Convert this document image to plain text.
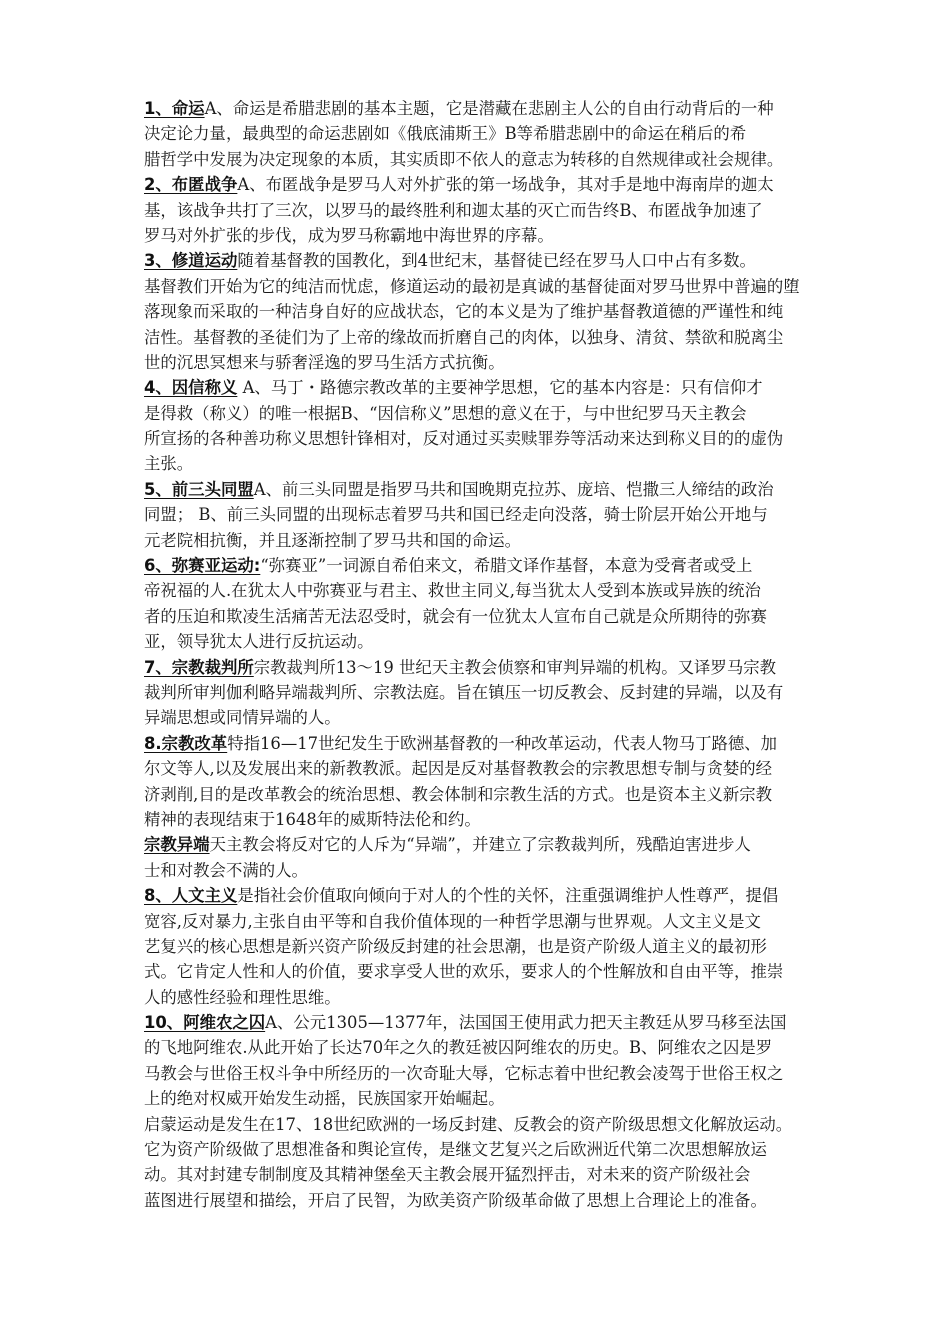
1、命运A、命运是希腊悲剧的基本主题，它是潜藏在悲剧主人公的自由行动背后的一种
决定论力量，最典型的命运悲剧如《俄底浦斯王》B等希腊悲剧中的命运在稍后的希
腊哲学中发展为决定现象的本质，其实质即不依人的意志为转移的自然规律或社会规律。
2、布匿战争A、布匿战争是罗马人对外扩张的第一场战争，其对手是地中海南岸的迦太
基，该战争共打了三次，以罗马的最终胜利和迦太基的灭亡而告终B、布匿战争加速了
罗马对外扩张的步伐，成为罗马称霸地中海世界的序幕。
3、修道运动随着基督教的国教化，到4世纪末，基督徒已经在罗马人口中占有多数。
基督教们开始为它的纯洁而忧虑，修道运动的最初是真诚的基督徒面对罗马世界中普遍的堕
落现象而采取的一种洁身自好的应战状态，它的本义是为了维护基督教道德的严谨性和纯
洁性。基督教的圣徒们为了上帝的缘故而折磨自己的肉体，以独身、清贫、禁欲和脱离尘
世的沉思冥想来与骄奢淫逸的罗马生活方式抗衡。
4、因信称义 A、马丁・路德宗教改革的主要神学思想，它的基本内容是：只有信仰才
是得救（称义）的唯一根据B、“因信称义”思想的意义在于，与中世纪罗马天主教会
所宣扬的各种善功称义思想针锋相对，反对通过买卖赎罪券等活动来达到称义目的的虚伪
主张。
5、前三头同盟A、前三头同盟是指罗马共和国晚期克拉苏、庞培、恺撒三人缔结的政治
同盟； B、前三头同盟的出现标志着罗马共和国已经走向没落，骑士阶层开始公开地与
元老院相抗衡，并且逐渐控制了罗马共和国的命运。
6、弥赛亚运动:“弥赛亚”一词源自希伯来文，希腊文译作基督，本意为受膏者或受上
帝祝福的人.在犹太人中弥赛亚与君主、救世主同义,每当犹太人受到本族或异族的统治
者的压迫和欺凌生活痛苦无法忍受时，就会有一位犹太人宣布自己就是众所期待的弥赛
亚，领导犹太人进行反抗运动。
7、宗教裁判所宗教裁判所13～19 世纪天主教会侦察和审判异端的机构。又译罗马宗教
裁判所审判伽利略异端裁判所、宗教法庭。旨在镇压一切反教会、反封建的异端，以及有
异端思想或同情异端的人。
8.宗教改革特指16—17世纪发生于欧洲基督教的一种改革运动，代表人物马丁路德、加
尔文等人,以及发展出来的新教教派。起因是反对基督教教会的宗教思想专制与贪婪的经
济剥削,目的是改革教会的统治思想、教会体制和宗教生活的方式。也是资本主义新宗教
精神的表现结束于1648年的威斯特法伦和约。
宗教异端天主教会将反对它的人斥为“异端”，并建立了宗教裁判所，残酷迫害进步人
士和对教会不满的人。
8、人文主义是指社会价值取向倾向于对人的个性的关怀，注重强调维护人性尊严，提倡
宽容,反对暴力,主张自由平等和自我价值体现的一种哲学思潮与世界观。人文主义是文
艺复兴的核心思想是新兴资产阶级反封建的社会思潮，也是资产阶级人道主义的最初形
式。它肯定人性和人的价值，要求享受人世的欢乐，要求人的个性解放和自由平等，推崇
人的感性经验和理性思维。
10、阿维农之囚A、公元1305—1377年，法国国王使用武力把天主教廷从罗马移至法国
的飞地阿维农.从此开始了长达70年之久的教廷被囚阿维农的历史。B、阿维农之囚是罗
马教会与世俗王权斗争中所经历的一次奇耻大辱，它标志着中世纪教会凌驾于世俗王权之
上的绝对权威开始发生动摇，民族国家开始崛起。
启蒙运动是发生在17、18世纪欧洲的一场反封建、反教会的资产阶级思想文化解放运动。
它为资产阶级做了思想准备和舆论宣传，是继文艺复兴之后欧洲近代第二次思想解放运
动。其对封建专制制度及其精神堡垒天主教会展开猛烈抨击，对未来的资产阶级社会
蓝图进行展望和描绘，开启了民智，为欧美资产阶级革命做了思想上合理论上的准备。
